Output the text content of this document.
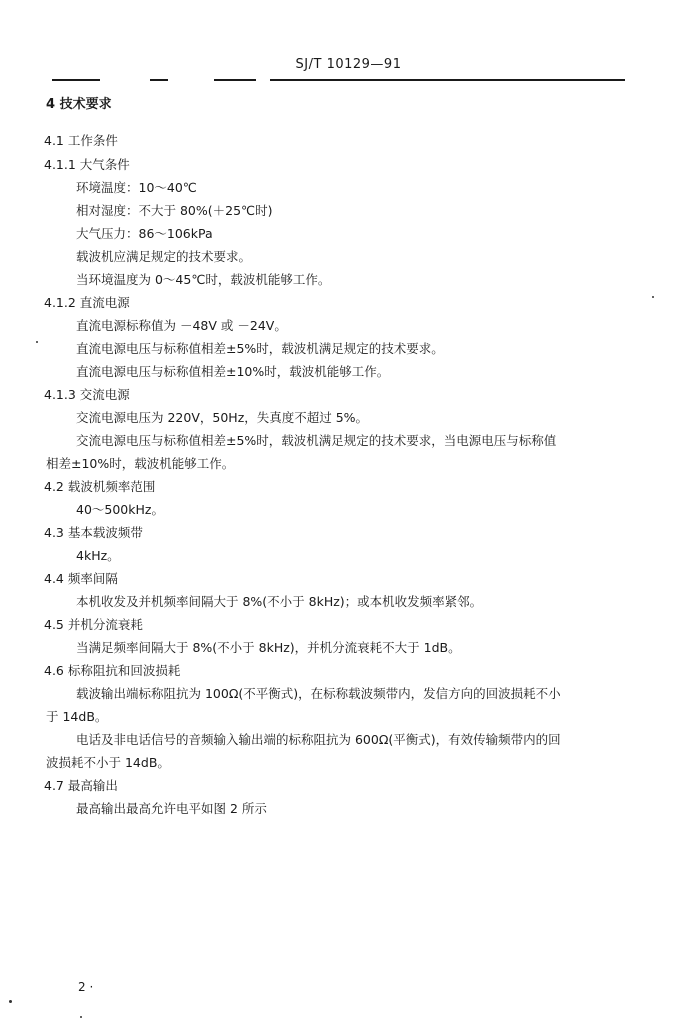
SJ/T 10129—91
4 技术要求
4.1 工作条件
4.1.1 大气条件
环境温度：10～40℃
相对湿度：不大于 80%(＋25℃时)
大气压力：86～106kPa
载波机应满足规定的技术要求。
当环境温度为 0～45℃时，载波机能够工作。
4.1.2 直流电源
直流电源标称值为 －48V 或 －24V。
直流电源电压与标称值相差±5%时，载波机满足规定的技术要求。
直流电源电压与标称值相差±10%时，载波机能够工作。
4.1.3 交流电源
交流电源电压为 220V，50Hz，失真度不超过 5%。
交流电源电压与标称值相差±5%时，载波机满足规定的技术要求，当电源电压与标称值
相差±10%时，载波机能够工作。
4.2 载波机频率范围
40～500kHz。
4.3 基本载波频带
4kHz。
4.4 频率间隔
本机收发及并机频率间隔大于 8%(不小于 8kHz)；或本机收发频率紧邻。
4.5 并机分流衰耗
当满足频率间隔大于 8%(不小于 8kHz)，并机分流衰耗不大于 1dB。
4.6 标称阻抗和回波损耗
载波输出端标称阻抗为 100Ω(不平衡式)，在标称载波频带内，发信方向的回波损耗不小
于 14dB。
电话及非电话信号的音频输入输出端的标称阻抗为 600Ω(平衡式)，有效传输频带内的回
波损耗不小于 14dB。
4.7 最高输出
最高输出最高允许电平如图 2 所示
2 ·
